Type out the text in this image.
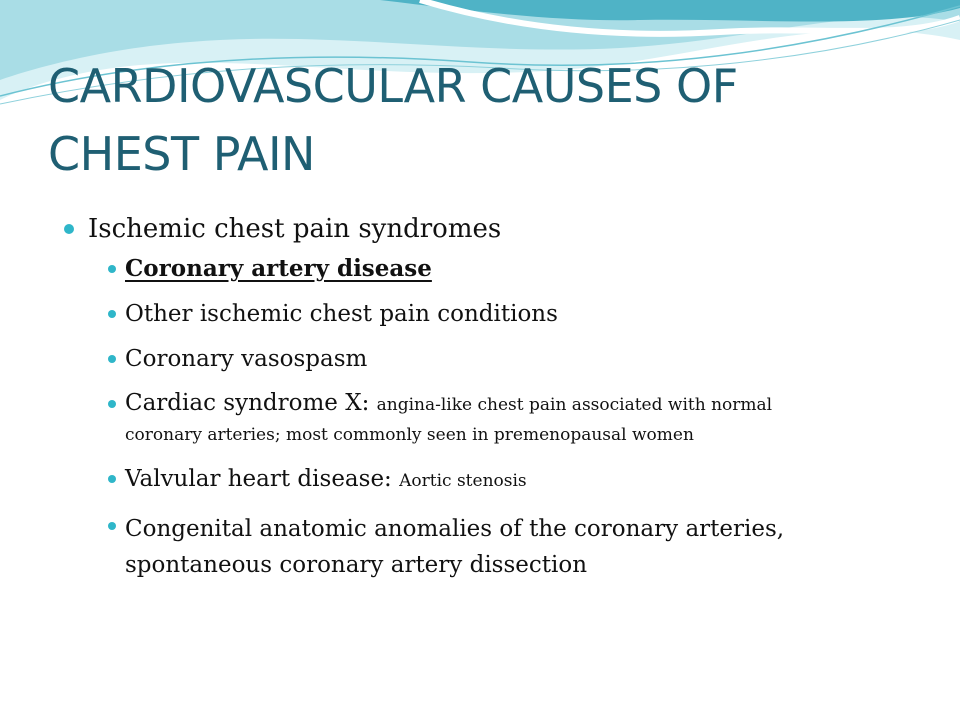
CARDIOVASCULAR CAUSES OF
CHEST PAIN
Ischemic chest pain syndromes
Coronary artery disease
Other ischemic chest pain conditions
Coronary vasospasm
Cardiac syndrome X: angina-like chest pain associated with normal
coronary arteries; most commonly seen in premenopausal women
Valvular heart disease: Aortic stenosis
Congenital anatomic anomalies of the coronary arteries,
spontaneous coronary artery dissection
